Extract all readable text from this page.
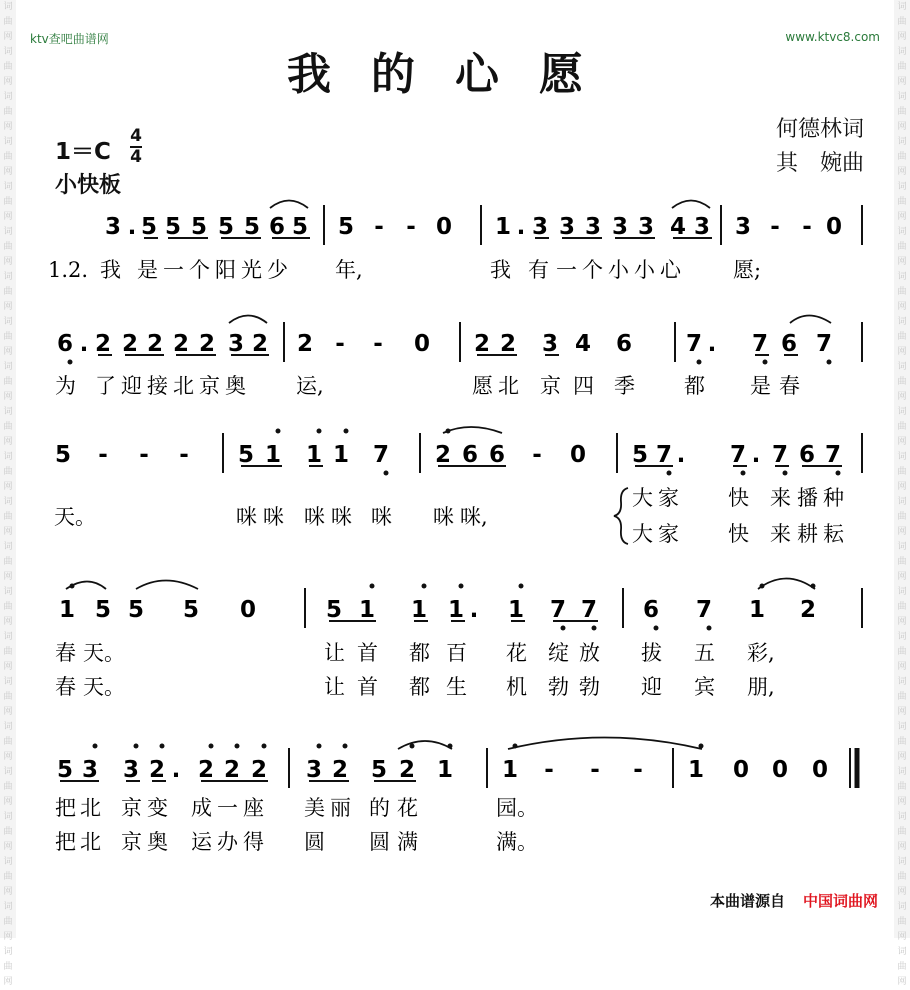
词曲网词曲网词曲网词曲网词曲网词曲网词曲网词曲网词曲网词曲网词曲网词曲网词曲网词曲网词曲网词曲网词曲网词曲网词曲网词曲网词曲网词曲网
词曲网词曲网词曲网词曲网词曲网词曲网词曲网词曲网词曲网词曲网词曲网词曲网词曲网词曲网词曲网词曲网词曲网词曲网词曲网词曲网词曲网词曲网
ktv查吧曲谱网	www.ktvc8.com
我的心愿
何德林词
其　婉曲
1＝C
4
4
小快板
3 . 5 5 5 5 5 6 5 5 - - 0 1 . 3 3 3 3 3 4 3 3 - - 0
6 . 2 2 2 2 2 3 2 2 - - 0 2 2 3 4 6 7 . 7 6 7
5 - - - 5 1 1 1 7 2 6 6 - 0 5 7 . 7 . 7 6 7
1 5 5 5 0	5 1 1 1 . 1 7 7 6 7 1 2
5 3 3 2 . 2 2 2 3 2 5 2 1 1 - - - 1 0 0 0
1.2. 我 是 一 个 阳 光 少 年,	我 有 一 个 小 小 心 愿;
为 了 迎 接 北 京 奥 运,	愿 北 京 四 季 都 是 春
天。	咪 咪 咪 咪 咪 咪 咪,
大 家 快 来 播 种
大 家 快 来 耕 耘
春 天。
春 天。
让 首 都 百 花 绽 放 拔 五 彩,
让 首 都 生 机 勃 勃 迎 宾 朋,
把 北 京 变 成 一 座 美 丽 的 花	园。
把 北 京 奥 运 办 得 圆 圆 满	满。
本曲谱源自 中国词曲网
